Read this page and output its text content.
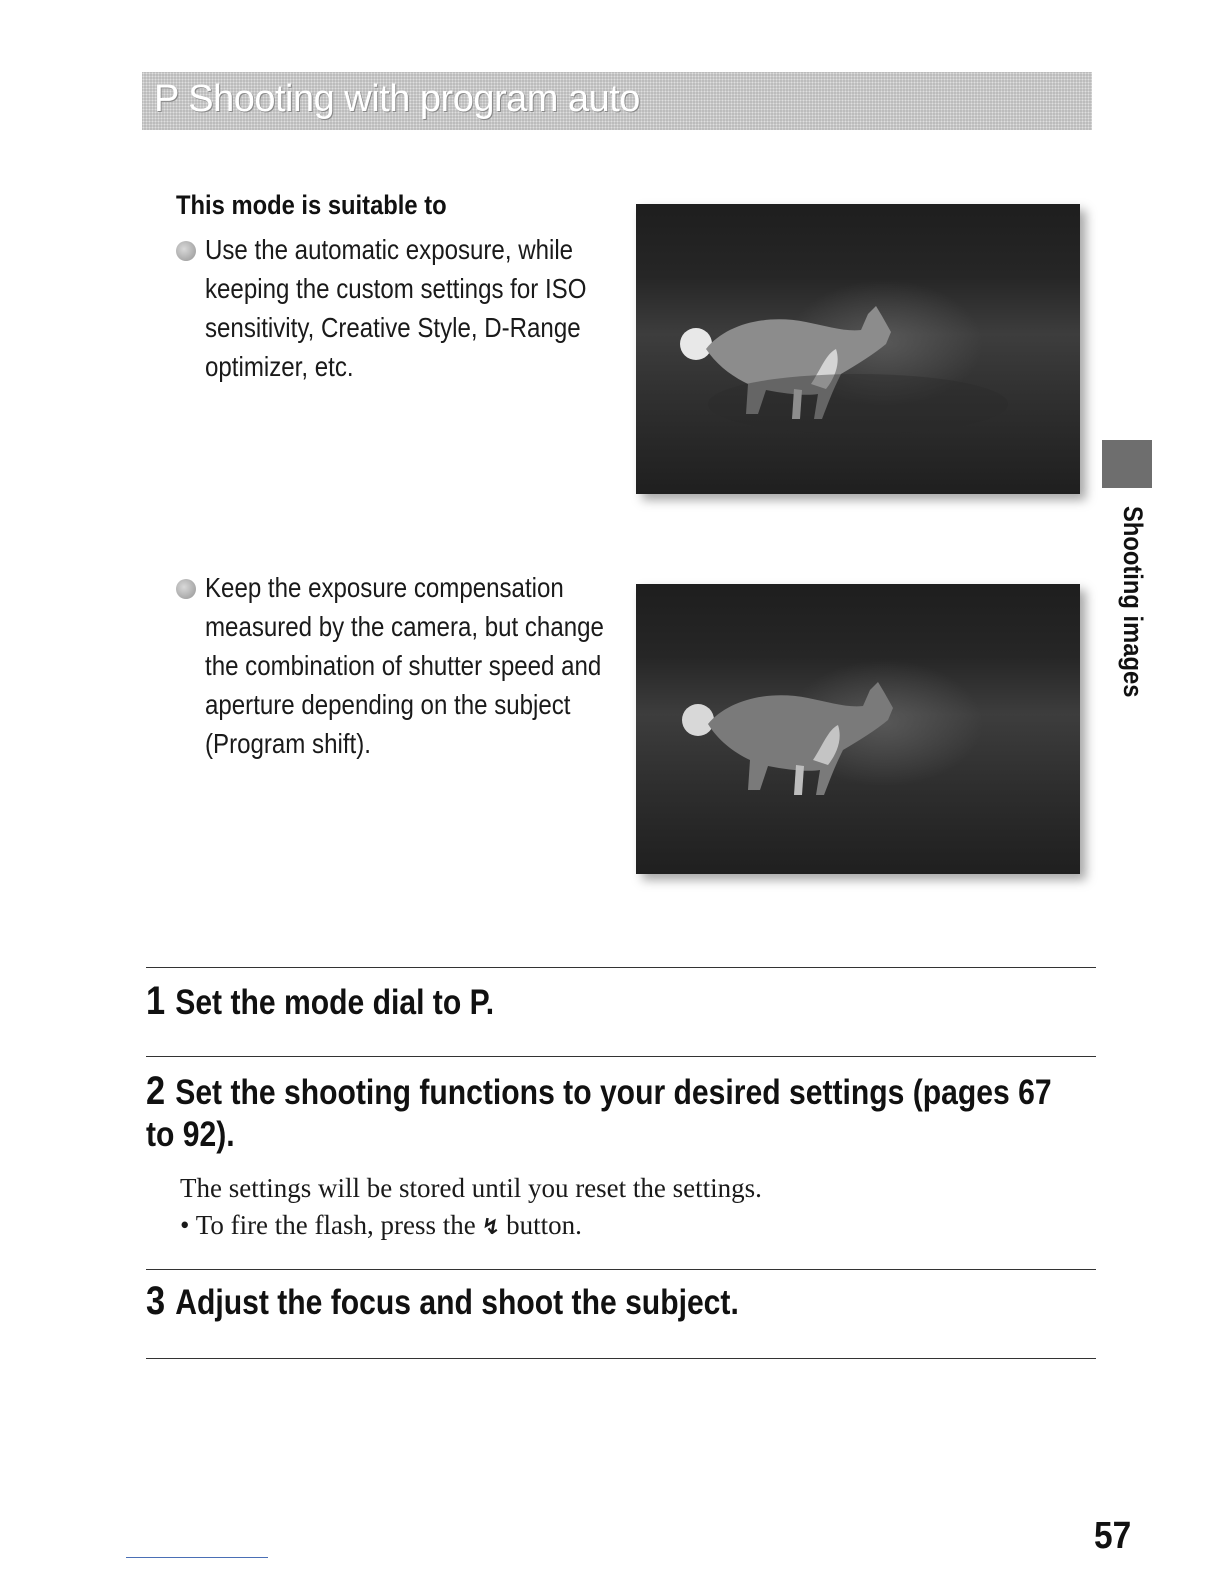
P Shooting with program auto
This mode is suitable to

Use the automatic exposure, while keeping the custom settings for ISO sensitivity, Creative Style, D-Range optimizer, etc.

Keep the exposure compensation measured by the camera, but change the combination of shutter speed and aperture depending on the subject (Program shift).

Shooting images
1 Set the mode dial to P.
2 Set the shooting functions to your desired settings (pages 67 to 92).
The settings will be stored until you reset the settings.
• To fire the flash, press the ↯ button.
3 Adjust the focus and shoot the subject.
57
